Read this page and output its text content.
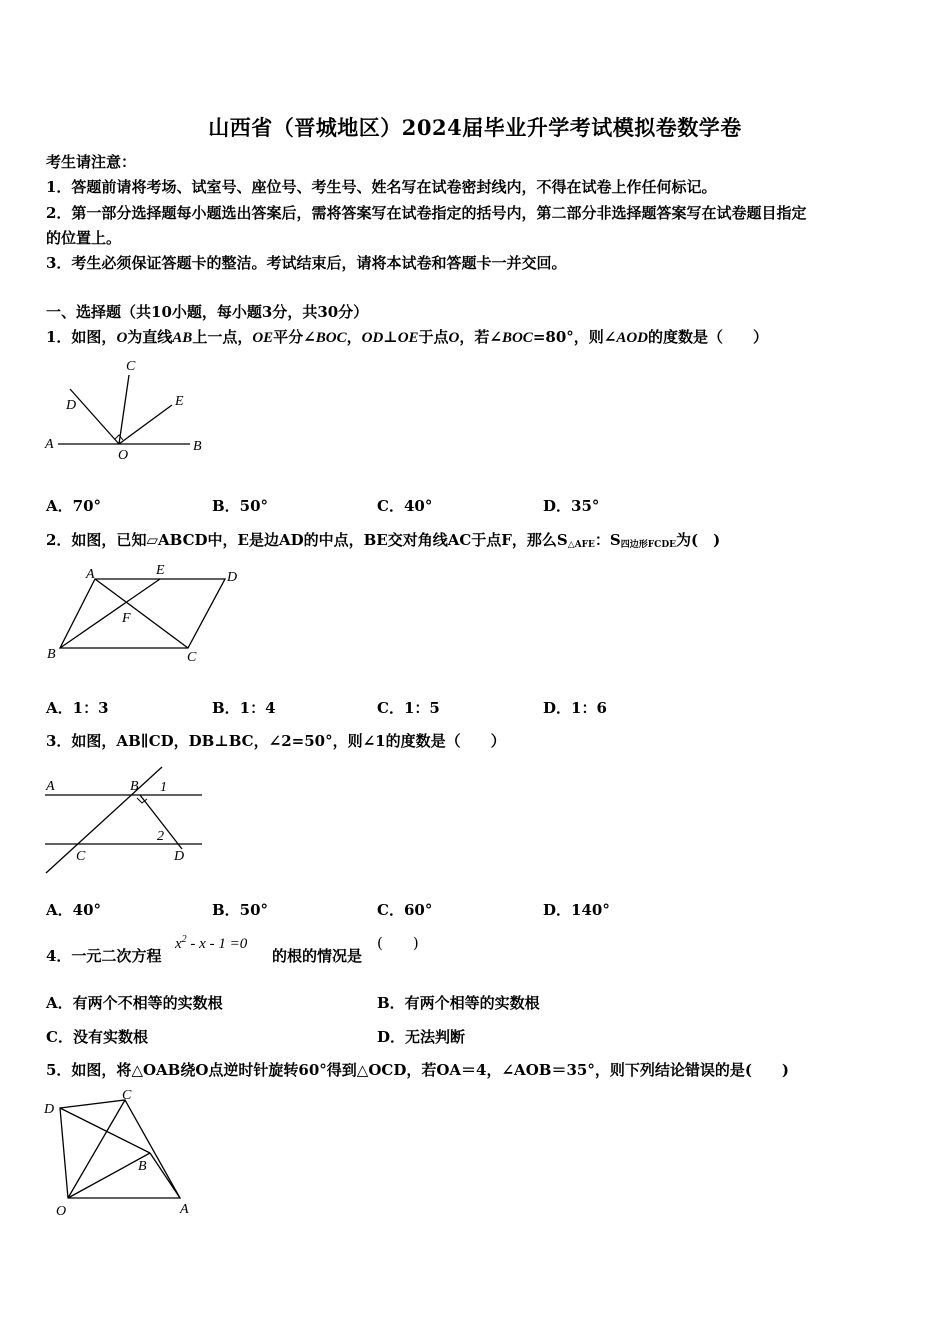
山西省（晋城地区）2024届毕业升学考试模拟卷数学卷
考生请注意：
1．答题前请将考场、试室号、座位号、考生号、姓名写在试卷密封线内，不得在试卷上作任何标记。
2．第一部分选择题每小题选出答案后，需将答案写在试卷指定的括号内，第二部分非选择题答案写在试卷题目指定
的位置上。
3．考生必须保证答题卡的整洁。考试结束后，请将本试卷和答题卡一并交回。
一、选择题（共10小题，每小题3分，共30分）
1．如图，O为直线AB上一点，OE平分∠BOC，OD⊥OE于点O，若∠BOC=80°，则∠AOD的度数是（　　）
A	B
C
D	E
O
A．70°	B．50°	C．40°	D．35°
2．如图，已知▱ABCD中，E是边AD的中点，BE交对角线AC于点F，那么$S_{\triangle AFE}$：$S_{四边形FCDE}$为(　)
A	E	D
F
B	C
A．1：3	B．1：4	C．1：5	D．1：6
3．如图，AB∥CD，DB⊥BC，∠2=50°，则∠1的度数是（　　）
A	B 1
2
C	D
A．40°	B．50°	C．60°	D．140°
4．一元二次方程
$x^2 - x - 1 =0$
的根的情况是
(　　)
A．有两个不相等的实数根	B．有两个相等的实数根
C．没有实数根	D．无法判断
5．如图，将△OAB绕O点逆时针旋转60°得到△OCD，若OA＝4，∠AOB＝35°，则下列结论错误的是(　　)
D
C
B
O	A
